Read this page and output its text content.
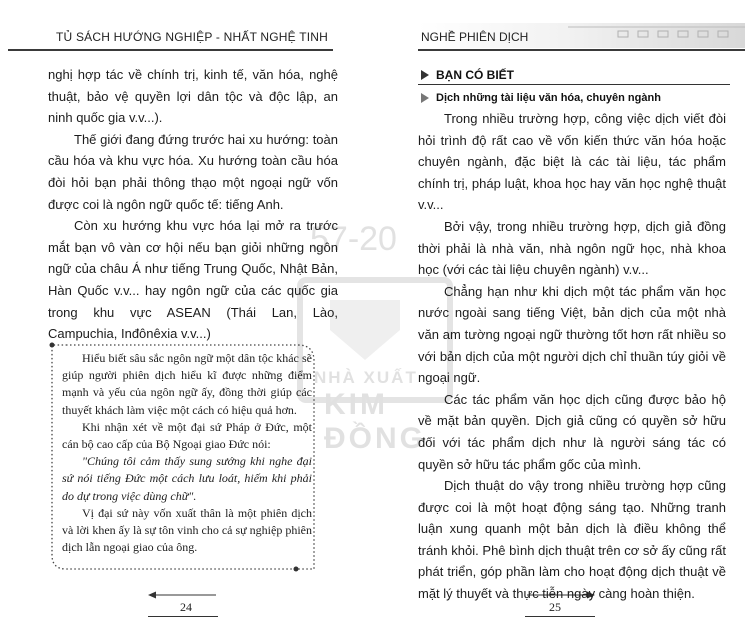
57-20
NHÀ XUẤT
KIM ĐỒNG
TỦ SÁCH HƯỚNG NGHIỆP - NHẤT NGHỆ TINH	NGHỀ PHIÊN DỊCH

nghị hợp tác về chính trị, kinh tế, văn hóa, nghệ thuật, bảo vệ quyền lợi dân tộc và độc lập, an ninh quốc gia v.v...).

Thế giới đang đứng trước hai xu hướng: toàn cầu hóa và khu vực hóa. Xu hướng toàn cầu hóa đòi hỏi bạn phải thông thạo một ngoại ngữ vốn được coi là ngôn ngữ quốc tế: tiếng Anh.

Còn xu hướng khu vực hóa lại mở ra trước mắt bạn vô vàn cơ hội nếu bạn giỏi những ngôn ngữ của châu Á như tiếng Trung Quốc, Nhật Bản, Hàn Quốc v.v... hay ngôn ngữ của các quốc gia trong khu vực ASEAN (Thái Lan, Lào, Campuchia, Inđônêxia v.v...)

Hiểu biết sâu sắc ngôn ngữ một dân tộc khác sẽ giúp người phiên dịch hiểu kĩ được những điểm mạnh và yếu của ngôn ngữ ấy, đồng thời giúp các thuyết khách làm việc một cách có hiệu quả hơn.

Khi nhận xét về một đại sứ Pháp ở Đức, một cán bộ cao cấp của Bộ Ngoại giao Đức nói:

"Chúng tôi cảm thấy sung sướng khi nghe đại sứ nói tiếng Đức một cách lưu loát, hiếm khi phải do dự trong việc dùng chữ".

Vị đại sứ này vốn xuất thân là một phiên dịch và lời khen ấy là sự tôn vinh cho cả sự nghiệp phiên dịch lẫn ngoại giao của ông.

BẠN CÓ BIẾT
Dịch những tài liệu văn hóa, chuyên ngành

Trong nhiều trường hợp, công việc dịch viết đòi hỏi trình độ rất cao về vốn kiến thức văn hóa hoặc chuyên ngành, đặc biệt là các tài liệu, tác phẩm chính trị, pháp luật, khoa học hay văn học nghệ thuật v.v...

Bởi vậy, trong nhiều trường hợp, dịch giả đồng thời phải là nhà văn, nhà ngôn ngữ học, nhà khoa học (với các tài liệu chuyên ngành) v.v...

Chẳng hạn như khi dịch một tác phẩm văn học nước ngoài sang tiếng Việt, bản dịch của một nhà văn am tường ngoại ngữ thường tốt hơn rất nhiều so với bản dịch của một người dịch chỉ thuần túy giỏi về ngoại ngữ.

Các tác phẩm văn học dịch cũng được bảo hộ về mặt bản quyền. Dịch giả cũng có quyền sở hữu đối với tác phẩm dịch như là người sáng tác có quyền sở hữu tác phẩm gốc của mình.

Dịch thuật do vậy trong nhiều trường hợp cũng được coi là một hoạt động sáng tạo. Những tranh luận xung quanh một bản dịch là điều không thể tránh khỏi. Phê bình dịch thuật trên cơ sở ấy cũng rất phát triển, góp phần làm cho hoạt động dịch thuật về mặt lý thuyết và thực tiễn ngày càng hoàn thiện.

24	25
